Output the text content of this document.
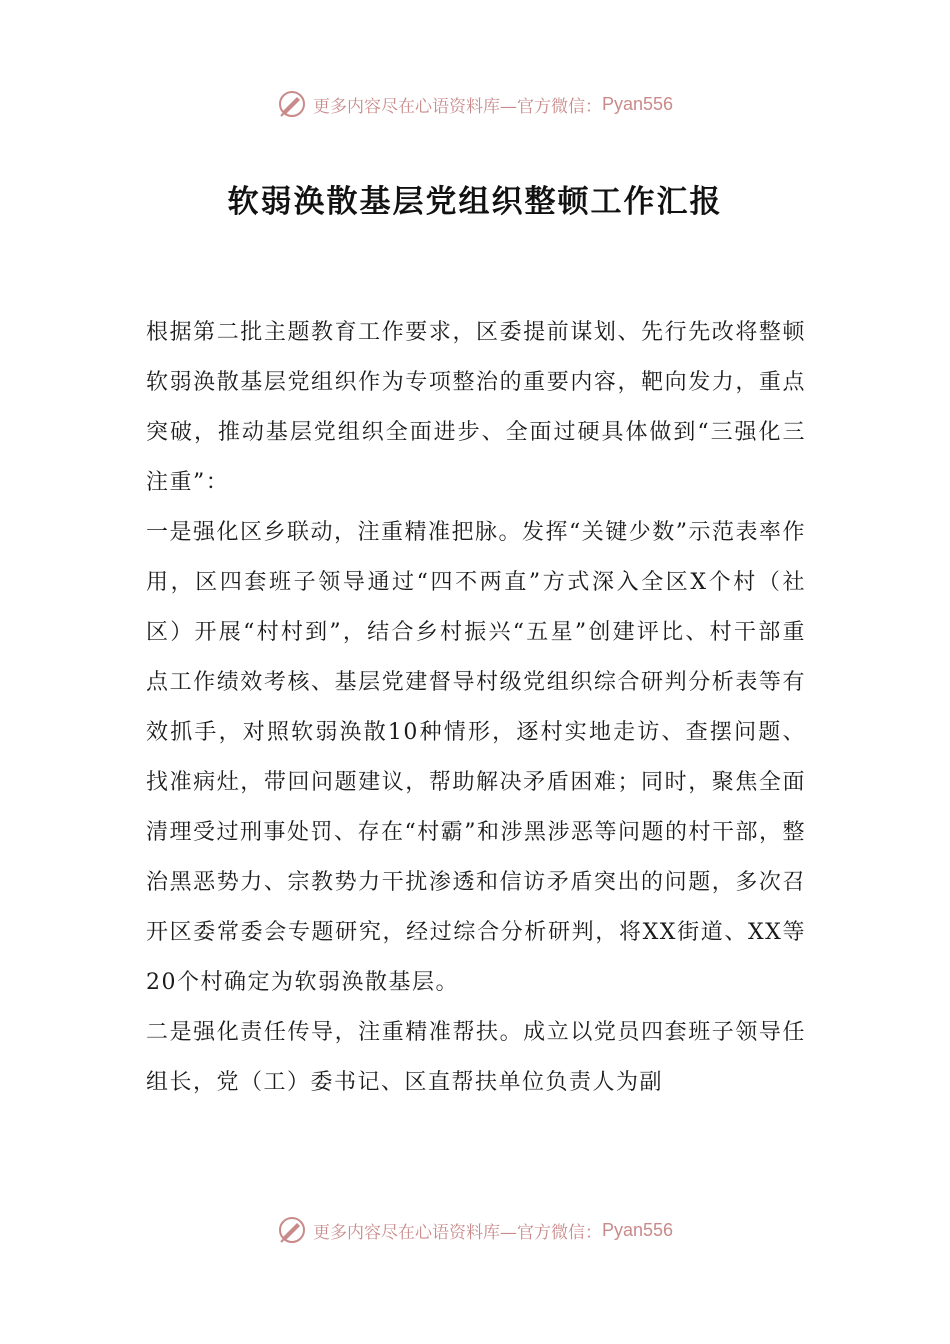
更多内容尽在心语资料库—官方微信： Pyan556
软弱涣散基层党组织整顿工作汇报

根据第二批主题教育工作要求，区委提前谋划、先行先改将整顿软弱涣散基层党组织作为专项整治的重要内容，靶向发力，重点突破，推动基层党组织全面进步、全面过硬具体做到“三强化三注重”：

一是强化区乡联动，注重精准把脉。发挥“关键少数”示范表率作用，区四套班子领导通过“四不两直”方式深入全区X个村（社区）开展“村村到”，结合乡村振兴“五星”创建评比、村干部重点工作绩效考核、基层党建督导村级党组织综合研判分析表等有效抓手，对照软弱涣散10种情形，逐村实地走访、查摆问题、找准病灶，带回问题建议，帮助解决矛盾困难；同时，聚焦全面清理受过刑事处罚、存在“村霸”和涉黑涉恶等问题的村干部，整治黑恶势力、宗教势力干扰渗透和信访矛盾突出的问题，多次召开区委常委会专题研究，经过综合分析研判，将XX街道、XX等20个村确定为软弱涣散基层。

二是强化责任传导，注重精准帮扶。成立以党员四套班子领导任组长，党（工）委书记、区直帮扶单位负责人为副

更多内容尽在心语资料库—官方微信： Pyan556
